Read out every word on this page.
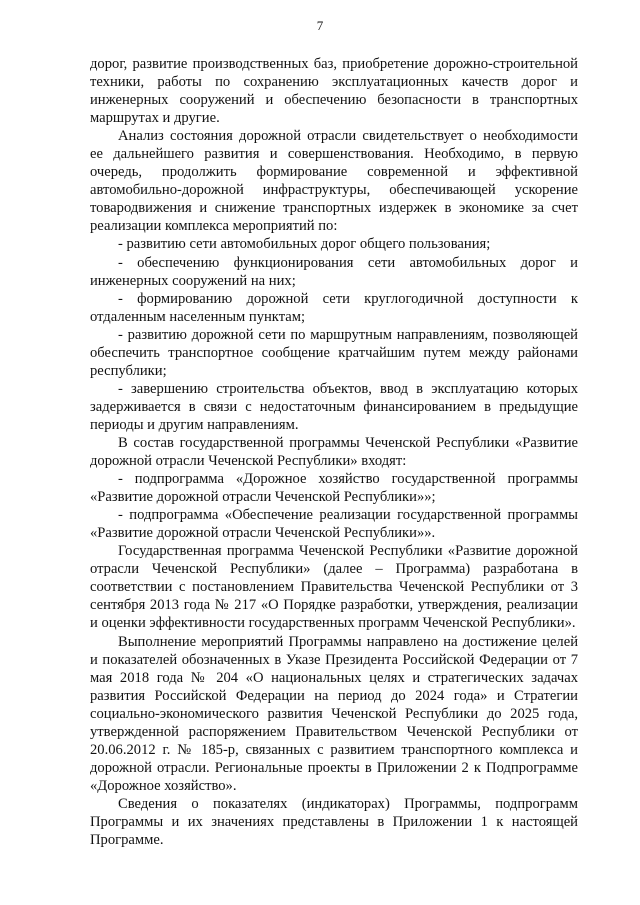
7

дорог, развитие производственных баз, приобретение дорожно-строительной техники, работы по сохранению эксплуатационных качеств дорог и инженерных сооружений и обеспечению безопасности в транспортных маршрутах и другие.

Анализ состояния дорожной отрасли свидетельствует о необходимости ее дальнейшего развития и совершенствования. Необходимо, в первую очередь, продолжить формирование современной и эффективной автомобильно-дорожной инфраструктуры, обеспечивающей ускорение товародвижения и снижение транспортных издержек в экономике за счет реализации комплекса мероприятий по:

- развитию сети автомобильных дорог общего пользования;

- обеспечению функционирования сети автомобильных дорог и инженерных сооружений на них;

- формированию дорожной сети круглогодичной доступности к отдаленным населенным пунктам;

- развитию дорожной сети по маршрутным направлениям, позволяющей обеспечить транспортное сообщение кратчайшим путем между районами республики;

- завершению строительства объектов, ввод в эксплуатацию которых задерживается в связи с недостаточным финансированием в предыдущие периоды и другим направлениям.

В состав государственной программы Чеченской Республики «Развитие дорожной отрасли Чеченской Республики» входят:

- подпрограмма «Дорожное хозяйство государственной программы «Развитие дорожной отрасли Чеченской Республики»»;

- подпрограмма «Обеспечение реализации государственной программы «Развитие дорожной отрасли Чеченской Республики»».

Государственная программа Чеченской Республики «Развитие дорожной отрасли Чеченской Республики» (далее – Программа) разработана в соответствии с постановлением Правительства Чеченской Республики от 3 сентября 2013 года № 217 «О Порядке разработки, утверждения, реализации и оценки эффективности государственных программ Чеченской Республики».

Выполнение мероприятий Программы направлено на достижение целей и показателей обозначенных в Указе Президента Российской Федерации от 7 мая 2018 года № 204 «О национальных целях и стратегических задачах развития Российской Федерации на период до 2024 года» и Стратегии социально-экономического развития Чеченской Республики до 2025 года, утвержденной распоряжением Правительством Чеченской Республики от 20.06.2012 г. № 185-р, связанных с развитием транспортного комплекса и дорожной отрасли. Региональные проекты в Приложении 2 к Подпрограмме «Дорожное хозяйство».

Сведения о показателях (индикаторах) Программы, подпрограмм Программы и их значениях представлены в Приложении 1 к настоящей Программе.
